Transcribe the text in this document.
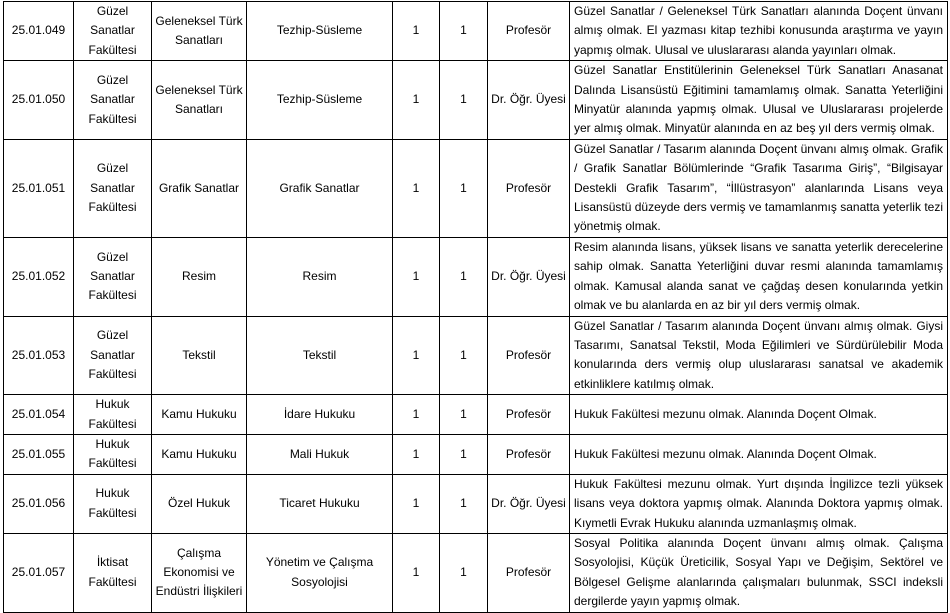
25.01.049	Güzel Sanatlar Fakültesi	Geleneksel Türk Sanatları	Tezhip-Süsleme	1	1	Profesör	Güzel Sanatlar / Geleneksel Türk Sanatları alanında Doçent ünvanı almış olmak. El yazması kitap tezhibi konusunda araştırma ve yayın yapmış olmak. Ulusal ve uluslararası alanda yayınları olmak.
25.01.050	Güzel Sanatlar Fakültesi	Geleneksel Türk Sanatları	Tezhip-Süsleme	1	1	Dr. Öğr. Üyesi	Güzel Sanatlar Enstitülerinin Geleneksel Türk Sanatları Anasanat Dalında Lisansüstü Eğitimini tamamlamış olmak. Sanatta Yeterliğini Minyatür alanında yapmış olmak. Ulusal ve Uluslararası projelerde yer almış olmak. Minyatür alanında en az beş yıl ders vermiş olmak.
25.01.051	Güzel Sanatlar Fakültesi	Grafik Sanatlar	Grafik Sanatlar	1	1	Profesör	Güzel Sanatlar / Tasarım alanında Doçent ünvanı almış olmak. Grafik / Grafik Sanatlar Bölümlerinde “Grafik Tasarıma Giriş”, “Bilgisayar Destekli Grafik Tasarım”, “İllüstrasyon” alanlarında Lisans veya Lisansüstü düzeyde ders vermiş ve tamamlanmış sanatta yeterlik tezi yönetmiş olmak.
25.01.052	Güzel Sanatlar Fakültesi	Resim	Resim	1	1	Dr. Öğr. Üyesi	Resim alanında lisans, yüksek lisans ve sanatta yeterlik derecelerine sahip olmak. Sanatta Yeterliğini duvar resmi alanında tamamlamış olmak. Kamusal alanda sanat ve çağdaş desen konularında yetkin olmak ve bu alanlarda en az bir yıl ders vermiş olmak.
25.01.053	Güzel Sanatlar Fakültesi	Tekstil	Tekstil	1	1	Profesör	Güzel Sanatlar / Tasarım alanında Doçent ünvanı almış olmak. Giysi Tasarımı, Sanatsal Tekstil, Moda Eğilimleri ve Sürdürülebilir Moda konularında ders vermiş olup uluslararası sanatsal ve akademik etkinliklere katılmış olmak.
25.01.054	Hukuk Fakültesi	Kamu Hukuku	İdare Hukuku	1	1	Profesör	Hukuk Fakültesi mezunu olmak. Alanında Doçent Olmak.
25.01.055	Hukuk Fakültesi	Kamu Hukuku	Mali Hukuk	1	1	Profesör	Hukuk Fakültesi mezunu olmak. Alanında Doçent Olmak.
25.01.056	Hukuk Fakültesi	Özel Hukuk	Ticaret Hukuku	1	1	Dr. Öğr. Üyesi	Hukuk Fakültesi mezunu olmak. Yurt dışında İngilizce tezli yüksek lisans veya doktora yapmış olmak. Alanında Doktora yapmış olmak. Kıymetli Evrak Hukuku alanında uzmanlaşmış olmak.
25.01.057	İktisat Fakültesi	Çalışma Ekonomisi ve Endüstri İlişkileri	Yönetim ve Çalışma Sosyolojisi	1	1	Profesör	Sosyal Politika alanında Doçent ünvanı almış olmak. Çalışma Sosyolojisi, Küçük Üreticilik, Sosyal Yapı ve Değişim, Sektörel ve Bölgesel Gelişme alanlarında çalışmaları bulunmak, SSCI indeksli dergilerde yayın yapmış olmak.
